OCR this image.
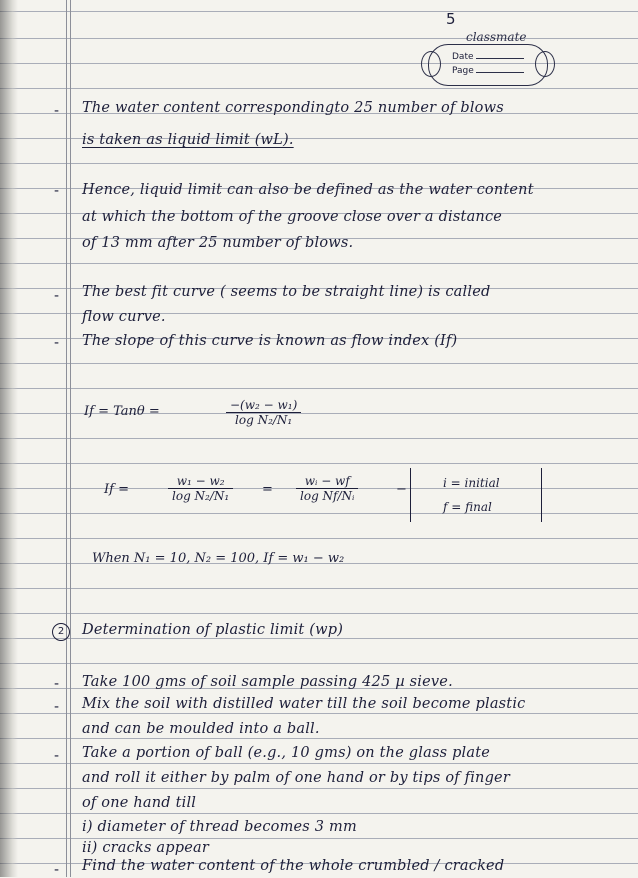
5
classmate
Date
Page
- The water content correspondingto 25 number of blows
is taken as liquid limit (wL).
- Hence, liquid limit can also be defined as the water content
at which the bottom of the groove close over a distance
of 13 mm after 25 number of blows.
- The best fit curve ( seems to be straight line) is called
flow curve.
- The slope of this curve is known as flow index (If)
If = Tanθ =	$\frac{\text{−(w₂ − w₁)}}{\text{log N₂/N₁}}$
If =	$\frac{\text{w₁ − w₂}}{\text{log N₂/N₁}} = \frac{\text{wᵢ − wf}}{\text{log Nf/Nᵢ}}$	−	i = initial
f = final
When N₁ = 10, N₂ = 100, If = w₁ − w₂
2	Determination of plastic limit (wp)
- Take 100 gms of soil sample passing 425 µ sieve.
- Mix the soil with distilled water till the soil become plastic
and can be moulded into a ball.
- Take a portion of ball (e.g., 10 gms) on the glass plate
and roll it either by palm of one hand or by tips of finger
of one hand till
i) diameter of thread becomes 3 mm
ii) cracks appear
- Find the water content of the whole crumbled / cracked
